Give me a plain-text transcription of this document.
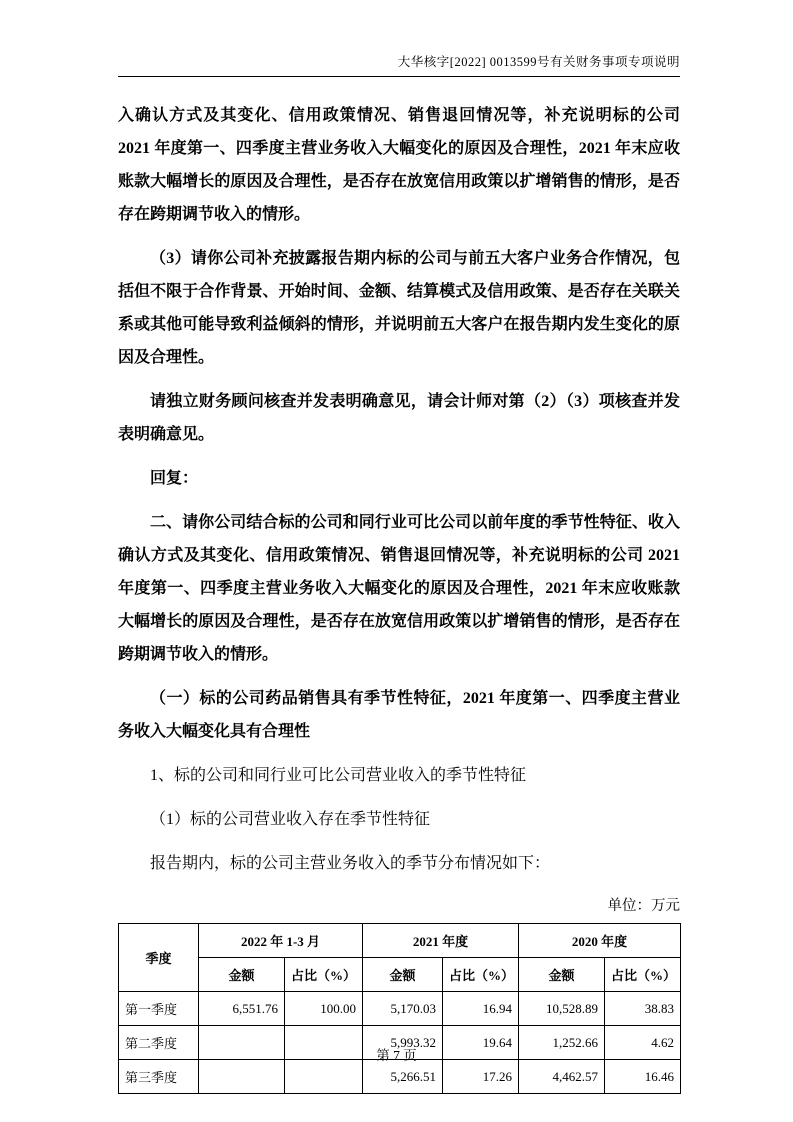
大华核字[2022] 0013599号有关财务事项专项说明

入确认方式及其变化、信用政策情况、销售退回情况等，补充说明标的公司 2021 年度第一、四季度主营业务收入大幅变化的原因及合理性，2021 年末应收账款大幅增长的原因及合理性，是否存在放宽信用政策以扩增销售的情形，是否存在跨期调节收入的情形。

（3）请你公司补充披露报告期内标的公司与前五大客户业务合作情况，包括但不限于合作背景、开始时间、金额、结算模式及信用政策、是否存在关联关系或其他可能导致利益倾斜的情形，并说明前五大客户在报告期内发生变化的原因及合理性。

请独立财务顾问核查并发表明确意见，请会计师对第（2）（3）项核查并发表明确意见。

回复：

二、请你公司结合标的公司和同行业可比公司以前年度的季节性特征、收入确认方式及其变化、信用政策情况、销售退回情况等，补充说明标的公司 2021 年度第一、四季度主营业务收入大幅变化的原因及合理性，2021 年末应收账款大幅增长的原因及合理性，是否存在放宽信用政策以扩增销售的情形，是否存在跨期调节收入的情形。

（一）标的公司药品销售具有季节性特征，2021 年度第一、四季度主营业务收入大幅变化具有合理性

1、标的公司和同行业可比公司营业收入的季节性特征

（1）标的公司营业收入存在季节性特征

报告期内，标的公司主营业务收入的季节分布情况如下：

单位：万元
季度	2022 年 1-3 月		2021 年度		2020 年度	
	金额	占比（%）	金额	占比（%）	金额	占比（%）
第一季度	6,551.76	100.00	5,170.03	16.94	10,528.89	38.83
第二季度			5,993.32	19.64	1,252.66	4.62
第三季度			5,266.51	17.26	4,462.57	16.46
第 7 页
